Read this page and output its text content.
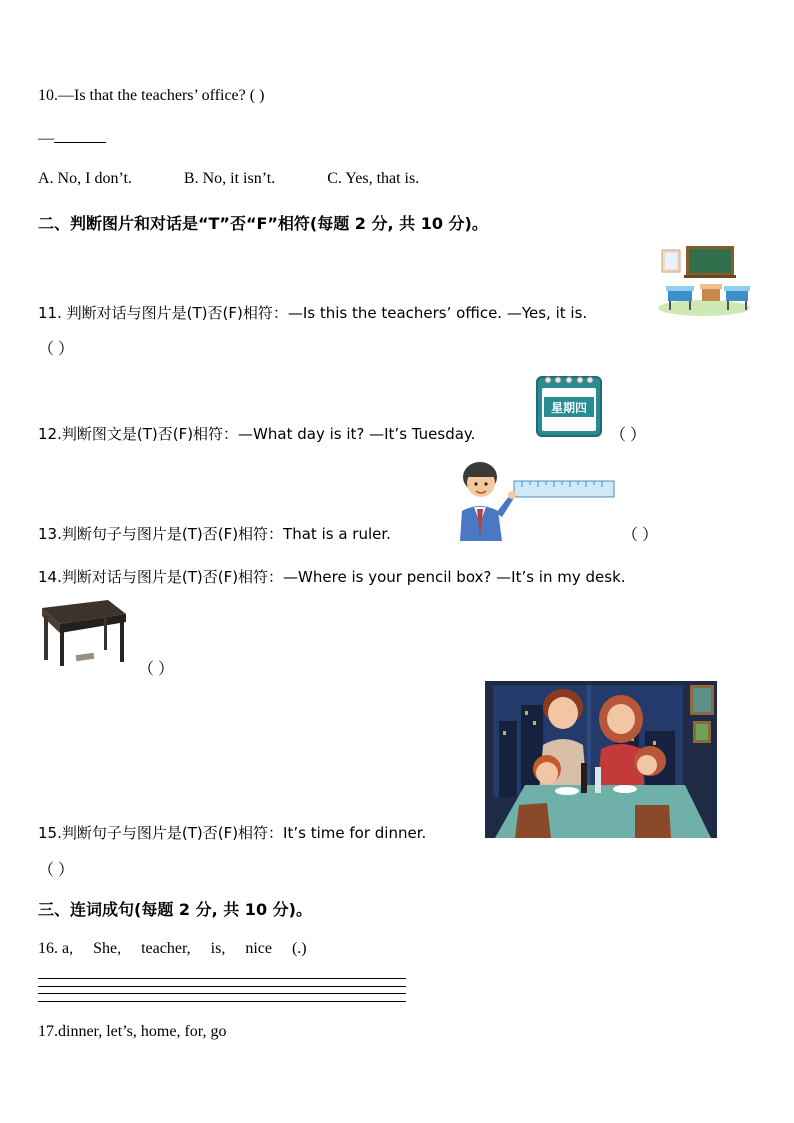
10.—Is that the teachers’ office? ( )
—
A. No, I don’t.	B. No, it isn’t.	C. Yes, that is.
二、判断图片和对话是“T”否“F”相符(每题 2 分, 共 10 分)。
11. 判断对话与图片是(T)否(F)相符：—Is this the teachers’ office. —Yes, it is.
（ ）
星期四
12.判断图文是(T)否(F)相符：—What day is it? —It’s Tuesday.	（ ）
13.判断句子与图片是(T)否(F)相符：That is a ruler.	（ ）
14.判断对话与图片是(T)否(F)相符：—Where is your pencil box? —It’s in my desk.
（ ）
15.判断句子与图片是(T)否(F)相符：It’s time for dinner.
（ ）
三、连词成句(每题 2 分, 共 10 分)。
16. a,     She,     teacher,     is,     nice     (.)
17.dinner, let’s, home, for, go
